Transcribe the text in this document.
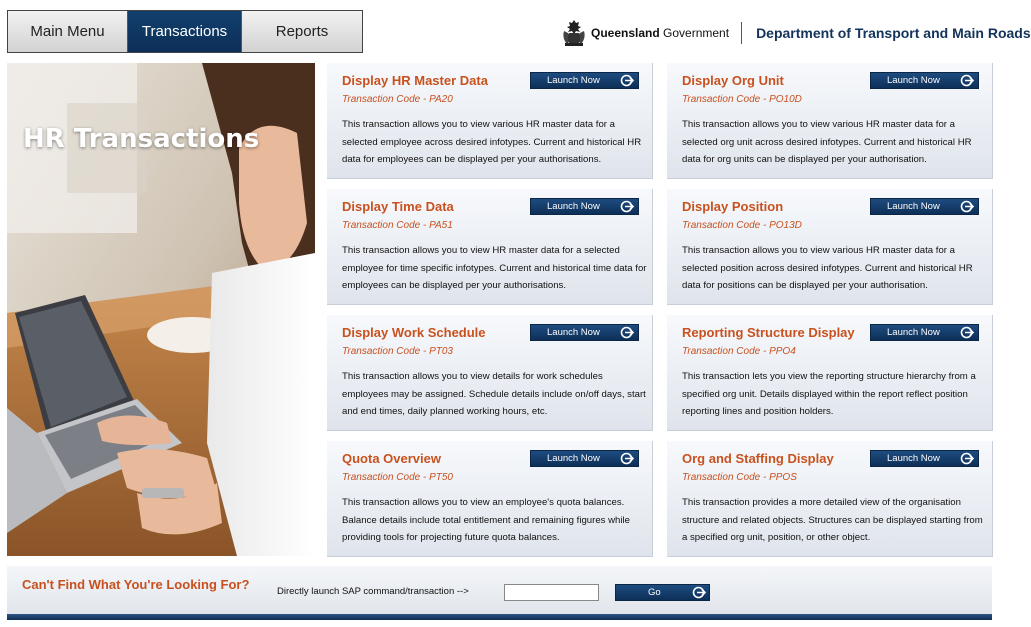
Main Menu	Transactions	Reports	Queensland Government Department of Transport and Main Roads
HR Transactions
Display HR Master Data	Launch Now
Transaction Code - PA20
This transaction allows you to view various HR master data for a selected employee across desired infotypes. Current and historical HR data for employees can be displayed per your authorisations.
Display Org Unit	Launch Now
Transaction Code - PO10D
This transaction allows you to view various HR master data for a selected org unit across desired infotypes. Current and historical HR data for org units can be displayed per your authorisation.
Display Time Data	Launch Now
Transaction Code - PA51
This transaction allows you to view HR master data for a selected employee for time specific infotypes. Current and historical time data for employees can be displayed per your authorisations.
Display Position	Launch Now
Transaction Code - PO13D
This transaction allows you to view various HR master data for a selected position across desired infotypes. Current and historical HR data for positions can be displayed per your authorisation.
Display Work Schedule	Launch Now
Transaction Code - PT03
This transaction allows you to view details for work schedules employees may be assigned. Schedule details include on/off days, start and end times, daily planned working hours, etc.
Reporting Structure Display	Launch Now
Transaction Code - PPO4
This transaction lets you view the reporting structure hierarchy from a specified org unit. Details displayed within the report reflect position reporting lines and position holders.
Quota Overview	Launch Now
Transaction Code - PT50
This transaction allows you to view an employee's quota balances. Balance details include total entitlement and remaining figures while providing tools for projecting future quota balances.
Org and Staffing Display	Launch Now
Transaction Code - PPOS
This transaction provides a more detailed view of the organisation structure and related objects. Structures can be displayed starting from a specified org unit, position, or other object.
Can't Find What You're Looking For?	Directly launch SAP command/transaction -->	Go
